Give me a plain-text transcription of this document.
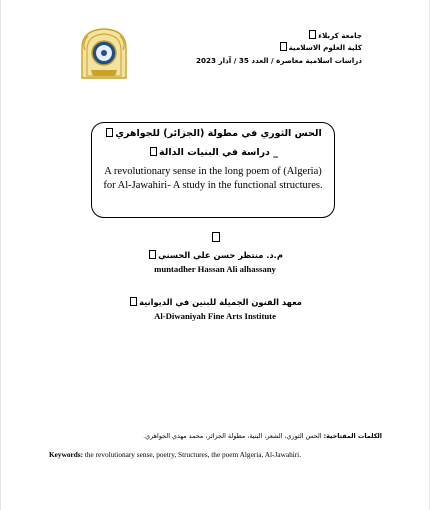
جامعة كربلاء
كلية العلوم الاسلامية
دراسات اسلامية معاصرة / العدد 35 / آذار 2023
الحس الثوري في مطولة (الجزائر) للجواهري
_ دراسة في البنيات الدالة
A revolutionary sense in the long poem of (Algeria) for Al-Jawahiri- A study in the functional structures.
م.د. منتظر حسن علي الحسني
muntadher Hassan Ali alhassany
معهد الفنون الجميلة للبنين في الديوانية
Al-Diwaniyah Fine Arts Institute
الكلمات المفتاحية: الحس الثوري، الشعر، البنية، مطولة الجزائر، محمد مهدي الجواهري.
Keywords: the revolutionary sense, poetry, Structures, the poem Algeria, Al-Jawahiri.
